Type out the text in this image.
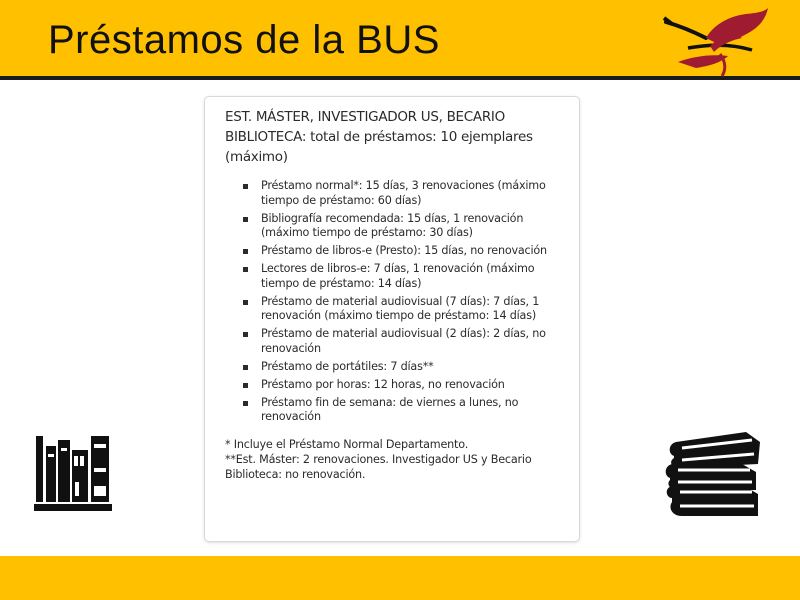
Préstamos de la BUS
EST. MÁSTER, INVESTIGADOR US, BECARIO BIBLIOTECA: total de préstamos: 10 ejemplares (máximo)
Préstamo normal*: 15 días, 3 renovaciones (máximo tiempo de préstamo: 60 días)
Bibliografía recomendada: 15 días, 1 renovación (máximo tiempo de préstamo: 30 días)
Préstamo de libros-e (Presto): 15 días, no renovación
Lectores de libros-e: 7 días, 1 renovación (máximo tiempo de préstamo: 14 días)
Préstamo de material audiovisual (7 días): 7 días, 1 renovación (máximo tiempo de préstamo: 14 días)
Préstamo de material audiovisual (2 días): 2 días, no renovación
Préstamo de portátiles: 7 días**
Préstamo por horas: 12 horas, no renovación
Préstamo fin de semana: de viernes a lunes, no renovación
* Incluye el Préstamo Normal Departamento.
**Est. Máster: 2 renovaciones. Investigador US y Becario Biblioteca: no renovación.
